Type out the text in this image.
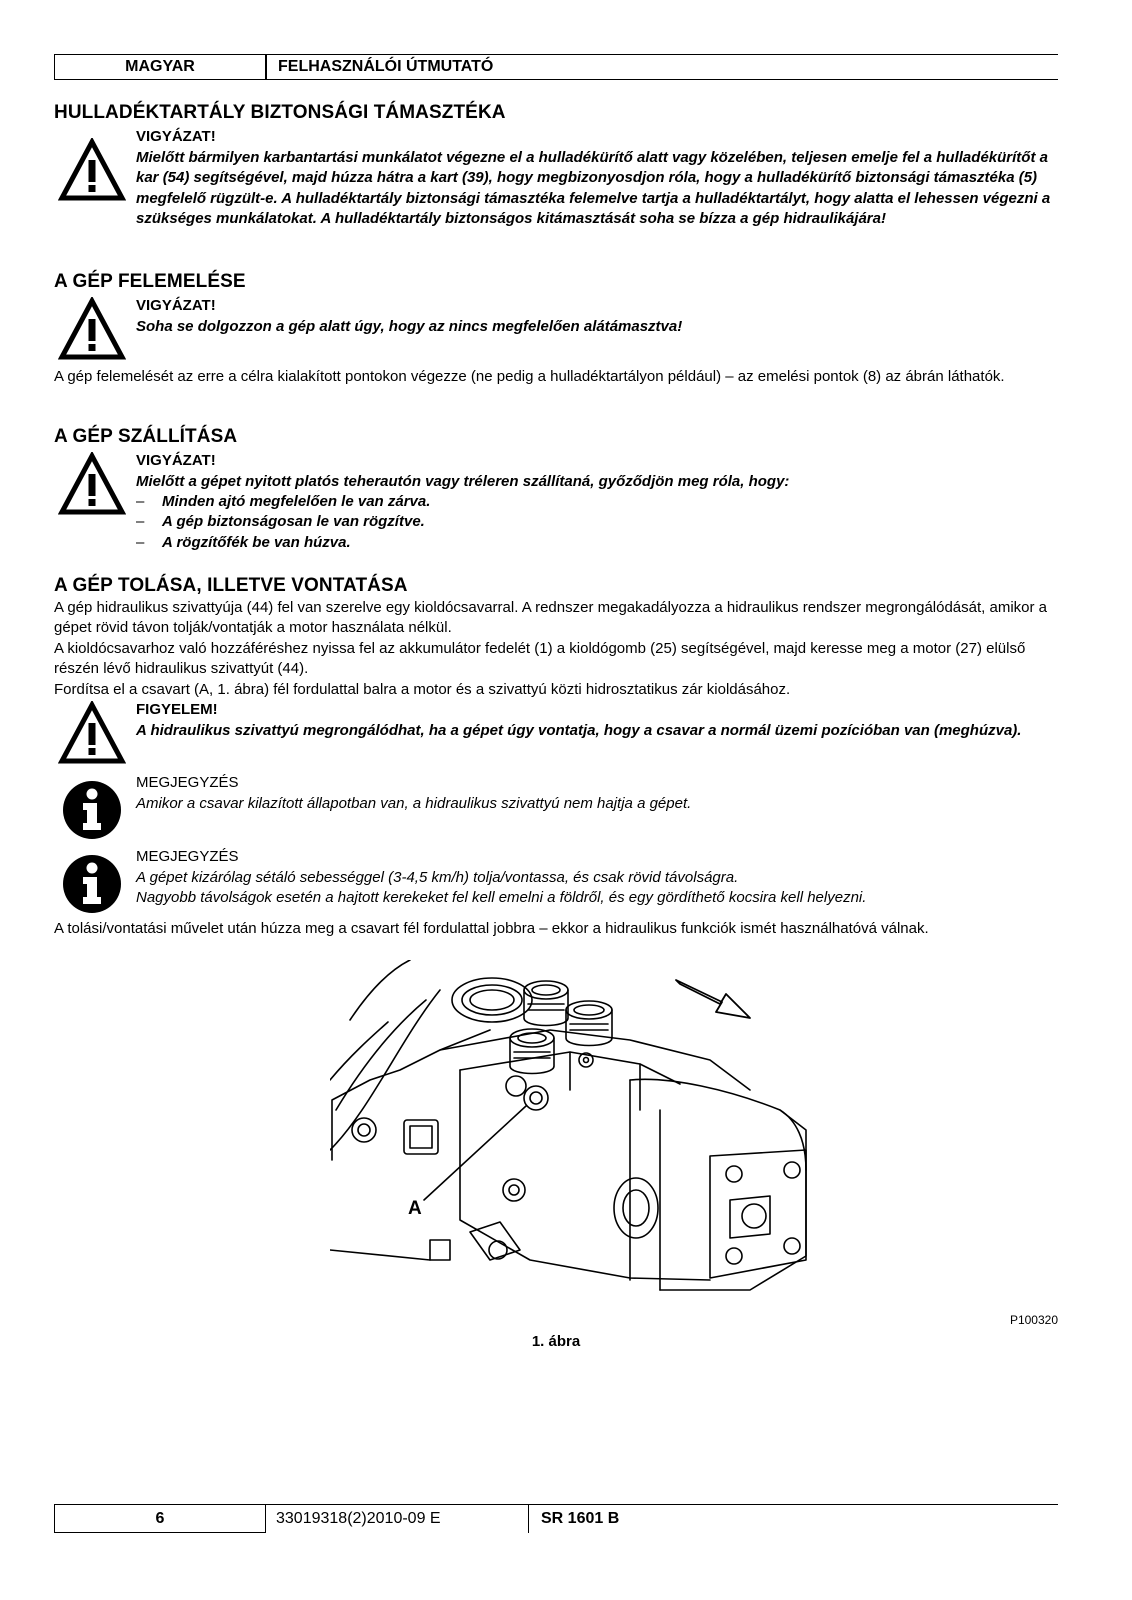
MAGYAR	FELHASZNÁLÓI ÚTMUTATÓ
HULLADÉKTARTÁLY BIZTONSÁGI TÁMASZTÉKA
VIGYÁZAT!
Mielőtt bármilyen karbantartási munkálatot végezne el a hulladékürítő alatt vagy közelében, teljesen emelje fel a hulladékürítőt a kar (54) segítségével, majd húzza hátra a kart (39), hogy megbizonyosdjon róla, hogy a hulladékürítő biztonsági támasztéka (5) megfelelő rügzült-e. A hulladéktartály biztonsági támasztéka felemelve tartja a hulladéktartályt, hogy alatta el lehessen végezni a szükséges munkálatokat. A hulladéktartály biztonságos kitámasztását soha se bízza a gép hidraulikájára!
A GÉP FELEMELÉSE
VIGYÁZAT!
Soha se dolgozzon a gép alatt úgy, hogy az nincs megfelelően alátámasztva!
A gép felemelését az erre a célra kialakított pontokon végezze (ne pedig a hulladéktartályon például) – az emelési pontok (8) az ábrán láthatók.
A GÉP SZÁLLÍTÁSA
VIGYÁZAT!
Mielőtt a gépet nyitott platós teherautón vagy tréleren szállítaná, győződjön meg róla, hogy:
– Minden ajtó megfelelően le van zárva.
– A gép biztonságosan le van rögzítve.
– A rögzítőfék be van húzva.
A GÉP TOLÁSA, ILLETVE VONTATÁSA

A gép hidraulikus szivattyúja (44) fel van szerelve egy kioldócsavarral. A rednszer megakadályozza a hidraulikus rendszer megrongálódását, amikor a gépet rövid távon tolják/vontatják a motor használata nélkül.

A kioldócsavarhoz való hozzáféréshez nyissa fel az akkumulátor fedelét (1) a kioldógomb (25) segítségével, majd keresse meg a motor (27) elülső részén lévő hidraulikus szivattyút (44).

Fordítsa el a csavart (A, 1. ábra) fél fordulattal balra a motor és a szivattyú közti hidrosztatikus zár kioldásához.

FIGYELEM!
A hidraulikus szivattyú megrongálódhat, ha a gépet úgy vontatja, hogy a csavar a normál üzemi pozícióban van (meghúzva).
MEGJEGYZÉS
Amikor a csavar kilazított állapotban van, a hidraulikus szivattyú nem hajtja a gépet.
MEGJEGYZÉS
A gépet kizárólag sétáló sebességgel (3-4,5 km/h) tolja/vontassa, és csak rövid távolságra.
Nagyobb távolságok esetén a hajtott kerekeket fel kell emelni a földről, és egy gördíthető kocsira kell helyezni.
A tolási/vontatási művelet után húzza meg a csavart fél fordulattal jobbra – ekkor a hidraulikus funkciók ismét használhatóvá válnak.
A
P100320
1. ábra
6	33019318(2)2010-09 E	SR 1601 B
